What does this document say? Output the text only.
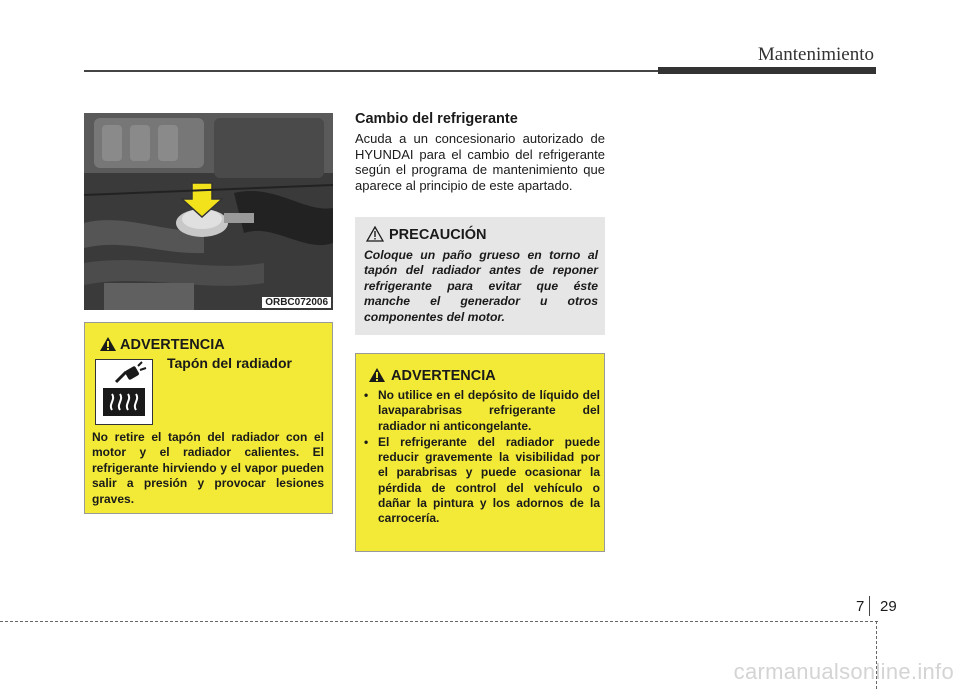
Mantenimiento
ORBC072006
Cambio del refrigerante
Acuda a un concesionario autorizado de HYUNDAI para el cambio del refrigerante según el programa de mantenimiento que aparece al principio de este apartado.
ADVERTENCIA
Tapón del radiador
No retire el tapón del radiador con el motor y el radiador calientes. El refrigerante hirviendo y el vapor pueden salir a presión y provocar lesiones graves.
PRECAUCIÓN
Coloque un paño grueso en torno al tapón del radiador antes de reponer refrigerante para evitar que éste manche el generador u otros componentes del motor.
ADVERTENCIA
• No utilice en el depósito de líquido del lavaparabrisas refrigerante del radiador ni anticongelante.
• El refrigerante del radiador puede reducir gravemente la visibilidad por el parabrisas y puede ocasionar la pérdida de control del vehículo o dañar la pintura y los adornos de la carrocería.
7 29
carmanualsonline.info
